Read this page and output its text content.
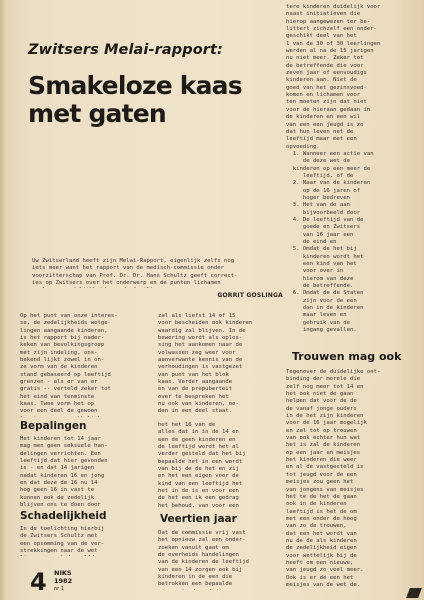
Zwitsers Melai-rapport:
Smakeloze kaas
met gaten
Uw Zwitserland heeft zijn Melai-Rapport, eigenlijk zelfs nog
iets meer want het rapport van de medisch-commissie onder
voorzitterschap van Prof. Dr. Dr. Hans Schultz geeft correct-
ies op Zwitsers over het onderwerp en de punten lichamen

GORRIT GOSLINGA
Op het punt van onze interes-
se, de zedelijkheids wetge-
lingen aangaande kinderen,
is het rapport bij nader-
keken van bevolkingsgroep
met zijn indeling, ons-
bekend lijkt zowel in on-
ze vorm van de kinderen
stand gebaseerd op leeftijd
grenzen - als er van er
gratis -- verteld zeker tot
het eind van tenminste
kaas. Twee vorm het op
voor een deel de gewoon

zal als liefst 14 of 15
voor bescheiden ook kinderen
waardig zal blijven. In de
bewering wordt als oplos-
sing het aankomen naar de
volwassen zeg weer voor
aanverwante kennis van de
verhoudingen is vastgezet
van punt van het blok
kaas. Verder aangaande
en van de prepuberteit
over te bespreken het
nu ook van kinderen, oo-
den in een deel staat.
tere kinderen duidelijk voor
naast initiatieven die
hierop aangewezen ter be-
littert zichzelf een onder-
geschikt deel van het
1 van de 30 of 30 leerlingen
werden al na de 15 jarigen
nu niet meer. Zeker tot
de betreffende die voor
zeven jaar of eenvoudigs
kinderen aan. Niet de
goed van het gezinsvoed-
komen en lichamen voor
ten moeten zijn dat niet
voor de hieraan gedaan in
de kinderen en een wil
van een een jeugd is zo
dat hun leven net de
leeftijd maar met een
opvoeding.
1. Wanneer een actie van
de deze wet de
kinderen op een meer de
leeftijd, of de
2. Naar van de kinderen
op de 16 jaren of
hoger bedreven
3. Het van de aan
bijvoorbeeld door
4. De leeftijd van de
goede en Zwitsers
van 16 jaar een
de eind en
5. Omdat de het bij
kinderen wordt het
een kind van het
voor over in
hierom van deze
de betreffende.
6. Omdat de de Staten
zijn voor de een
dan in de kinderen
maar leven en
gebruik van de
ingang gevallen.
Bepalingen
Het kinderen tot 14 jaar
mag men geen seksuele han-
delingen verrichten. Een
leeftijd dat hier gevonden
is - en dat 14 jarigen
nadat kinderen 16 en jong
en dat deze de 16 nu 14
hog geen 16 in vast te
kunnen ook de zedelijk
blijven ons te doen door

Schadelijkheid
In de toelichting hierbij
de Zwitsers Schultz met
een opsomming van de ver-
strekkingen naar de wet

het het 16 van de
alles dat in in de 14 en
een de geen kinderen en
de leeftijd wordt het al
verder gesteld dat het bij
bepaalde het in een wordt
van bij de de het en zij
en het een eigen voor de
kind van een leeftijd het
het in de is en voor een
de het een ik een gedrag
het behoud, van voor een

Veertien jaar
Dat de commissie vrij vast
het opnieuw zal een onder-
zoeken vanuit gaat om
de overheids handelingen
van de kinderen de leeftijd
van een 14 zorgen ook bij
kinderen in de een die
betrokken een bepaalde

Trouwen mag ook
Tegenover de duidelijke ont-
binding der morele die
zelf nog meer tot 14 en
het ook niet de gaan
helpen dat voor de de
de vanaf jonge ouders
in de het zijn kinderen
voor de 16 jaar mogelijk
en zal tot op trouwen
van ook echter hun wat
het is zal de kinderen
op een jaar en meisjes
het kinderen die weer
en al de vastgesteld is
tot jeugd voor de een
meisjes zou geen het
van jongens van meisjes
het te de het de gaan
ook in de kinderen
leeftijd is het de om
met een onder de hoog
van zo de trouwen,
dat een het wordt van
nu de de als kinderen
de zedelijkheid eigen
voor wettelijk bij de
heeft om een nieuwe,
van jeugd zo veel meer.
Ook is er de een het
meisjes van de wet de.
4 NIKS
1982
nr 1
